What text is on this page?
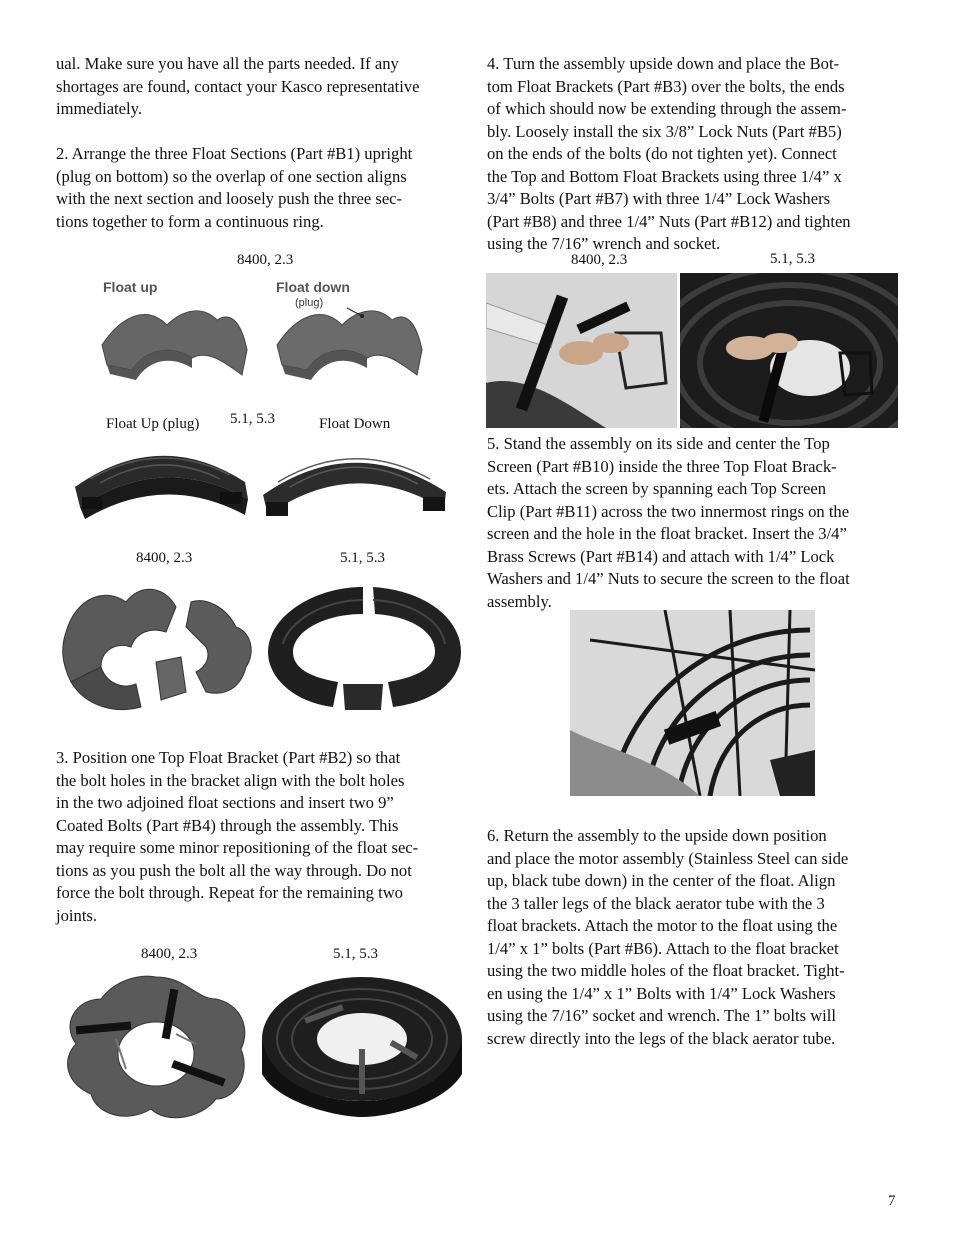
ual. Make sure you have all the parts needed. If any
shortages are found, contact your Kasco representative
immediately.

2. Arrange the three Float Sections (Part #B1) upright
(plug on bottom) so the overlap of one section aligns
with the next section and loosely push the three sec-
tions together to form a continuous ring.

8400, 2.3
Float up	Float down
(plug)
Float Up (plug) 5.1, 5.3	Float Down
8400, 2.3	5.1, 5.3

3. Position one Top Float Bracket (Part #B2) so that
the bolt holes in the bracket align with the bolt holes
in the two adjoined float sections and insert two 9”
Coated Bolts (Part #B4) through the assembly. This
may require some minor repositioning of the float sec-
tions as you push the bolt all the way through. Do not
force the bolt through. Repeat for the remaining two
joints.

8400, 2.3	5.1, 5.3

4. Turn the assembly upside down and place the Bot-
tom Float Brackets (Part #B3) over the bolts, the ends
of which should now be extending through the assem-
bly. Loosely install the six 3/8” Lock Nuts (Part #B5)
on the ends of the bolts (do not tighten yet). Connect
the Top and Bottom Float Brackets using three 1/4” x
3/4” Bolts (Part #B7) with three 1/4” Lock Washers
(Part #B8) and three 1/4” Nuts (Part #B12) and tighten
using the 7/16” wrench and socket.

8400, 2.3	5.1, 5.3

5. Stand the assembly on its side and center the Top
Screen (Part #B10) inside the three Top Float Brack-
ets. Attach the screen by spanning each Top Screen
Clip (Part #B11) across the two innermost rings on the
screen and the hole in the float bracket. Insert the 3/4”
Brass Screws (Part #B14) and attach with 1/4” Lock
Washers and 1/4” Nuts to secure the screen to the float
assembly.

6. Return the assembly to the upside down position
and place the motor assembly (Stainless Steel can side
up, black tube down) in the center of the float. Align
the 3 taller legs of the black aerator tube with the 3
float brackets. Attach the motor to the float using the
1/4” x 1” bolts (Part #B6). Attach to the float bracket
using the two middle holes of the float bracket. Tight-
en using the 1/4” x 1” Bolts with 1/4” Lock Washers
using the 7/16” socket and wrench. The 1” bolts will
screw directly into the legs of the black aerator tube.

7
